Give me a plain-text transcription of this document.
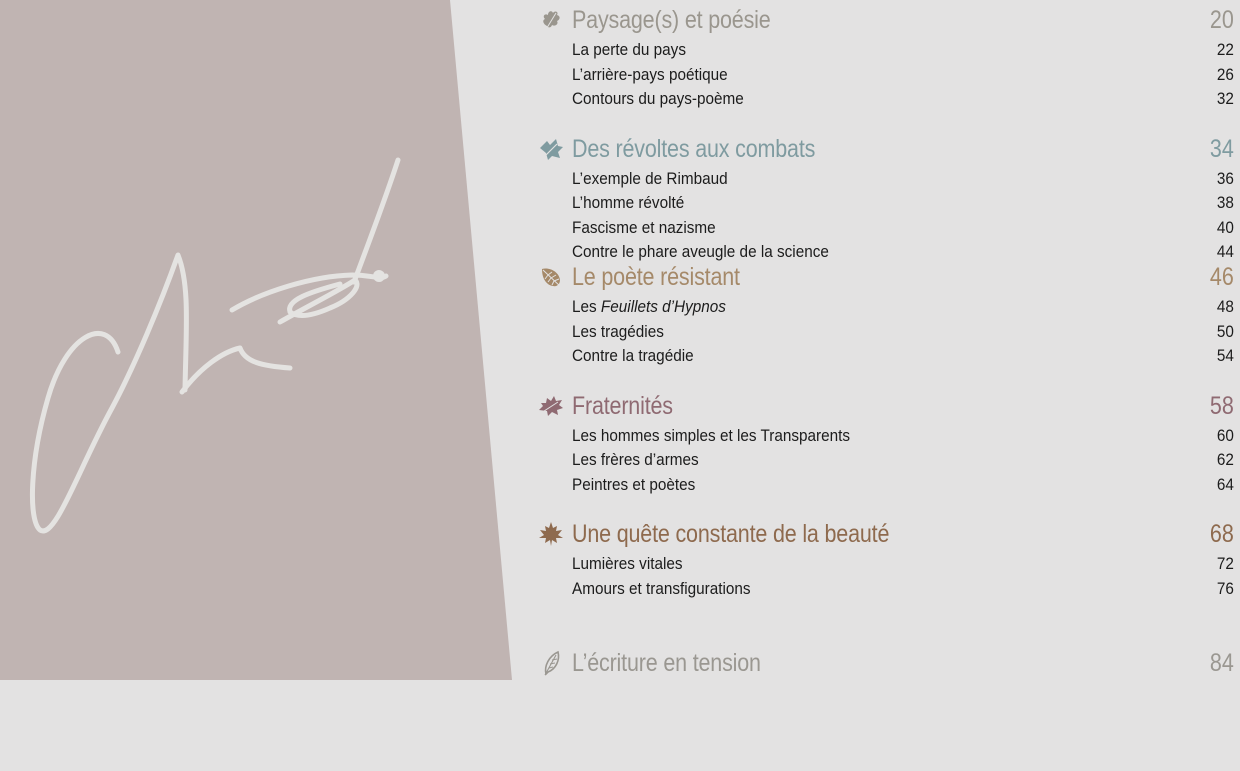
Paysage(s) et poésie	20
La perte du pays	22
L’arrière-pays poétique	26
Contours du pays-poème	32
Des révoltes aux combats	34
L’exemple de Rimbaud	36
L’homme révolté	38
Fascisme et nazisme	40
Contre le phare aveugle de la science	44
Le poète résistant	46
Les Feuillets d’Hypnos	48
Les tragédies	50
Contre la tragédie	54
Fraternités	58
Les hommes simples et les Transparents	60
Les frères d’armes	62
Peintres et poètes	64
Une quête constante de la beauté	68
Lumières vitales	72
Amours et transfigurations	76
L’écriture en tension	84
